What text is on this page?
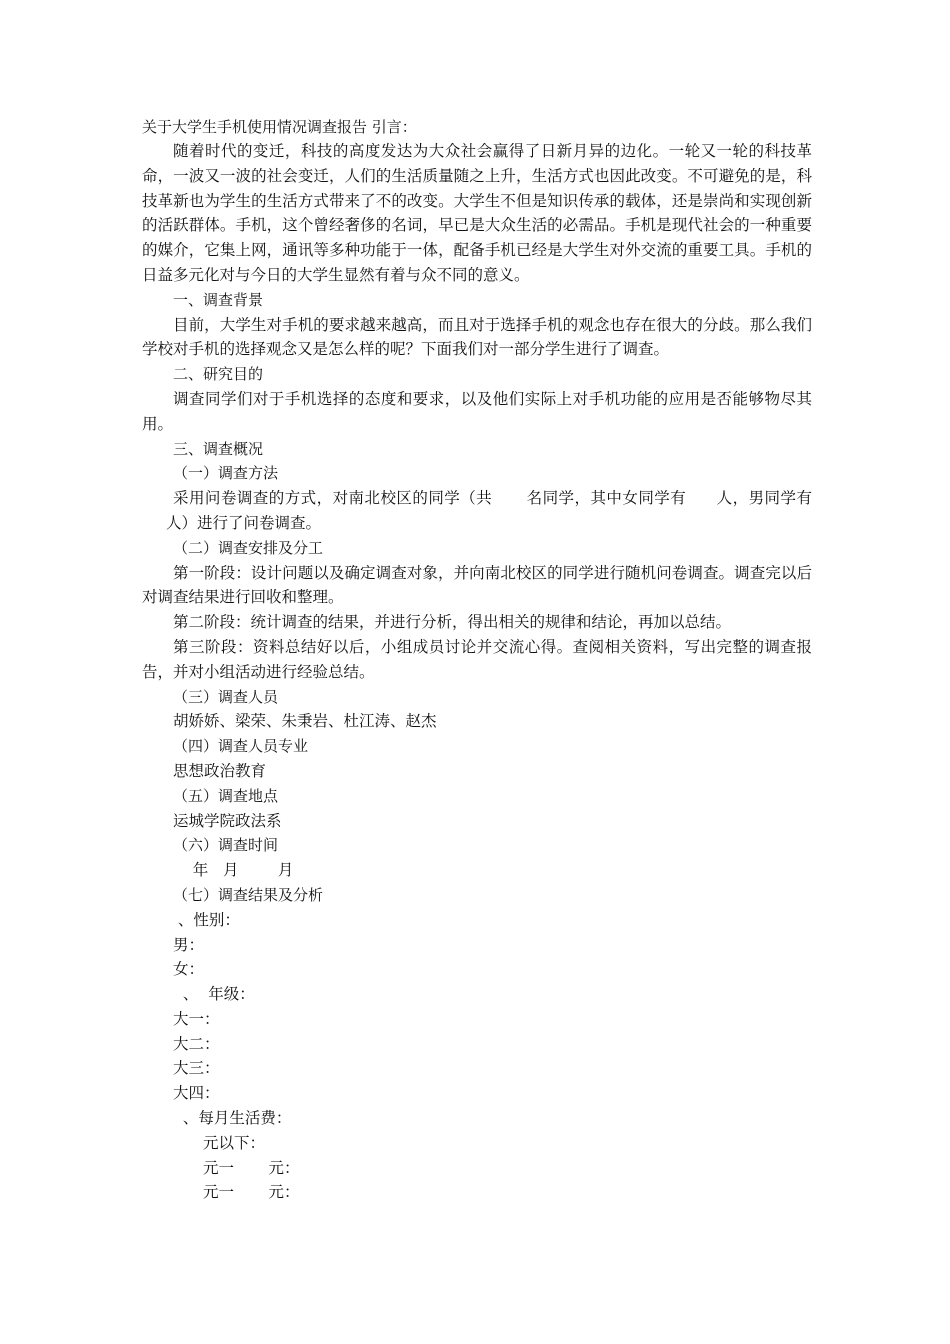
关于大学生手机使用情况调查报告 引言：

随着时代的变迁，科技的高度发达为大众社会赢得了日新月异的边化。一轮又一轮的科技革命，一波又一波的社会变迁，人们的生活质量随之上升，生活方式也因此改变。不可避免的是，科技革新也为学生的生活方式带来了不的改变。大学生不但是知识传承的载体，还是崇尚和实现创新的活跃群体。手机，这个曾经奢侈的名词，早已是大众生活的必需品。手机是现代社会的一种重要的媒介，它集上网，通讯等多种功能于一体，配备手机已经是大学生对外交流的重要工具。手机的日益多元化对与今日的大学生显然有着与众不同的意义。

一、调查背景

目前，大学生对手机的要求越来越高，而且对于选择手机的观念也存在很大的分歧。那么我们学校对手机的选择观念又是怎么样的呢？下面我们对一部分学生进行了调查。

二、研究目的

调查同学们对于手机选择的态度和要求，以及他们实际上对手机功能的应用是否能够物尽其用。

三、调查概况

（一）调查方法

采用问卷调查的方式，对南北校区的同学（共 名同学，其中女同学有 人，男同学有人）进行了问卷调查。

（二）调查安排及分工

第一阶段：设计问题以及确定调查对象，并向南北校区的同学进行随机问卷调查。调查完以后对调查结果进行回收和整理。

第二阶段：统计调查的结果，并进行分析，得出相关的规律和结论，再加以总结。

第三阶段：资料总结好以后，小组成员讨论并交流心得。查阅相关资料，写出完整的调查报告，并对小组活动进行经验总结。

（三）调查人员

胡娇娇、梁荣、朱秉岩、杜江涛、赵杰

（四）调查人员专业

思想政治教育

（五）调查地点

运城学院政法系

（六）调查时间

年   月        月

（七）调查结果及分析

、性别：

男：

女：

、  年级：

大一：

大二：

大三：

大四：

、每月生活费：

元以下：

元一       元：

元一       元：
